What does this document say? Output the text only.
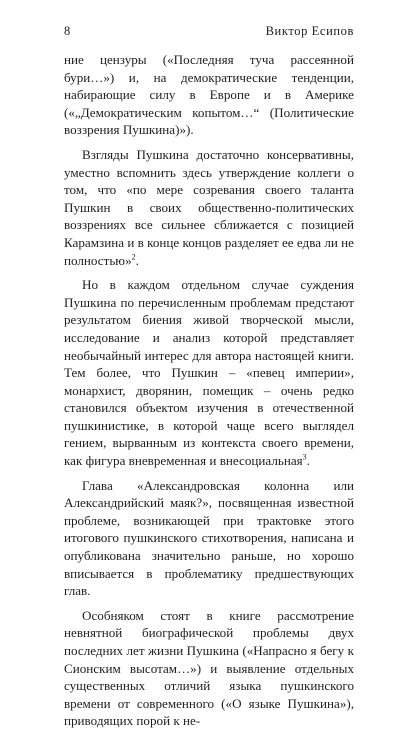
8	Виктор Есипов

ние цензуры («Последняя туча рассеянной бури…») и, на демократические тенденции, набирающие силу в Европе и в Америке («„Демократическим копытом…“ (Политические воззрения Пушкина)»).

Взгляды Пушкина достаточно консервативны, уместно вспомнить здесь утверждение коллеги о том, что «по мере созревания своего таланта Пушкин в своих общественно-политических воззрениях все сильнее сближается с позицией Карамзина и в конце концов разделяет ее едва ли не полностью»$^2$.

Но в каждом отдельном случае суждения Пушкина по перечисленным проблемам предстают результатом биения живой творческой мысли, исследование и анализ которой представляет необычайный интерес для автора настоящей книги. Тем более, что Пушкин – «певец империи», монархист, дворянин, помещик – очень редко становился объектом изучения в отечественной пушкинистике, в которой чаще всего выглядел гением, вырванным из контекста своего времени, как фигура вневременная и внесоциальная$^3$.

Глава «Александровская колонна или Александрийский маяк?», посвященная известной проблеме, возникающей при трактовке этого итогового пушкинского стихотворения, написана и опубликована значительно раньше, но хорошо вписывается в проблематику предшествующих глав.

Особняком стоят в книге рассмотрение невнятной биографической проблемы двух последних лет жизни Пушкина («Напрасно я бегу к Сионским высотам…») и выявление отдельных существенных отличий языка пушкинского времени от современного («О языке Пушкина»), приводящих порой к не-
